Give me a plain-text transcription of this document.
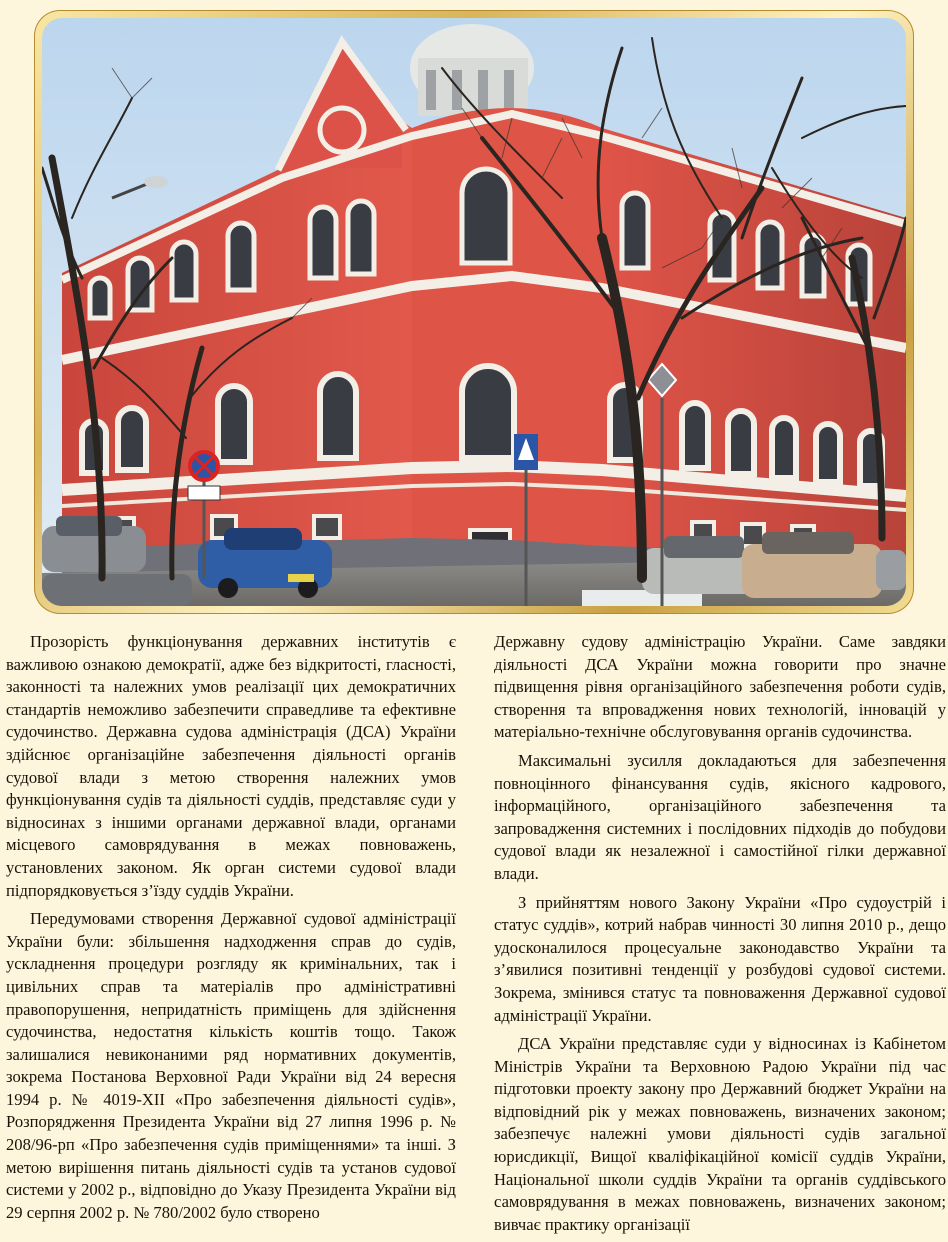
Прозорість функціонування державних інститутів є важливою ознакою демократії, адже без відкритості, гласності, законності та належних умов реалізації цих демократичних стандартів неможливо забезпечити справедливе та ефективне судочинство. Державна судова адміністрація (ДСА) України здійснює організаційне забезпечення діяльності органів судової влади з метою створення належних умов функціонування судів та діяльності суддів, представляє суди у відносинах з іншими органами державної влади, органами місцевого самоврядування в межах повноважень, установлених законом. Як орган системи судової влади підпорядковується з’їзду суддів України.

Передумовами створення Державної судової адміністрації України були: збільшення надходження справ до судів, ускладнення процедури розгляду як кримінальних, так і цивільних справ та матеріалів про адміністративні правопорушення, непридатність приміщень для здійснення судочинства, недостатня кількість коштів тощо. Також залишалися невиконаними ряд нормативних документів, зокрема Постанова Верховної Ради України від 24 вересня 1994 р. № 4019-ХІІ «Про забезпечення діяльності судів», Розпорядження Президента України від 27 липня 1996 р. № 208/96-рп «Про забезпечення судів приміщеннями» та інші. З метою вирішення питань діяльності судів та установ судової системи у 2002 р., відповідно до Указу Президента України від 29 серпня 2002 р. № 780/2002 було створено

Державну судову адміністрацію України. Саме завдяки діяльності ДСА України можна говорити про значне підвищення рівня організаційного забезпечення роботи судів, створення та впровадження нових технологій, інновацій у матеріально-технічне обслуговування органів судочинства.

Максимальні зусилля докладаються для забезпечення повноцінного фінансування судів, якісного кадрового, інформаційного, організаційного забезпечення та запровадження системних і послідовних підходів до побудови судової влади як незалежної і самостійної гілки державної влади.

З прийняттям нового Закону України «Про судоустрій і статус суддів», котрий набрав чинності 30 липня 2010 р., дещо удосконалилося процесуальне законодавство України та з’явилися позитивні тенденції у розбудові судової системи. Зокрема, змінився статус та повноваження Державної судової адміністрації України.

ДСА України представляє суди у відносинах із Кабінетом Міністрів України та Верховною Радою України під час підготовки проекту закону про Державний бюджет України на відповідний рік у межах повноважень, визначених законом; забезпечує належні умови діяльності судів загальної юрисдикції, Вищої кваліфікаційної комісії суддів України, Національної школи суддів України та органів суддівського самоврядування в межах повноважень, визначених законом; вивчає практику організації
